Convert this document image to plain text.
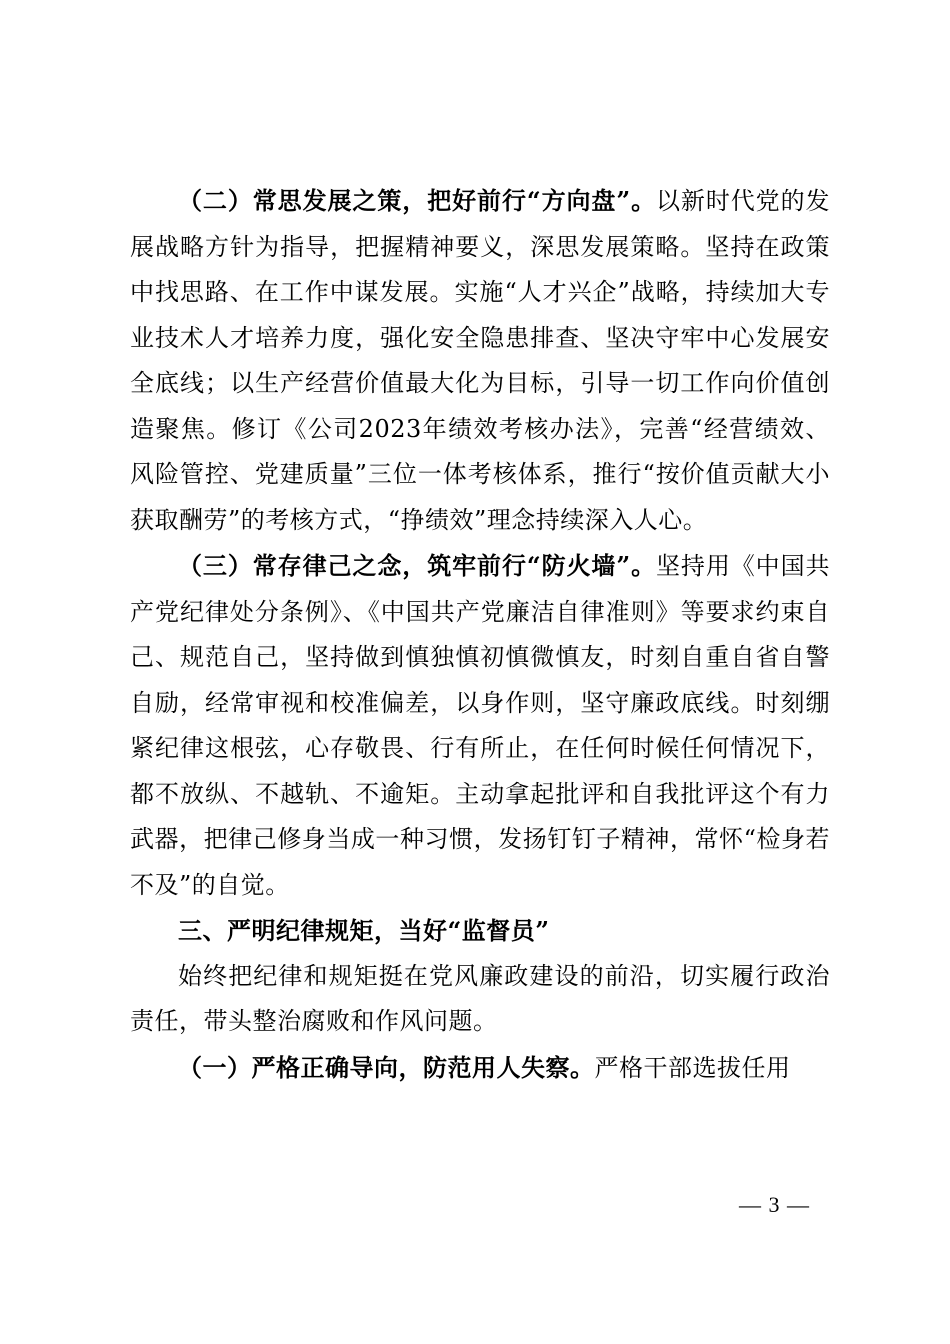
（二）常思发展之策，把好前行“方向盘”。以新时代党的发展战略方针为指导，把握精神要义，深思发展策略。坚持在政策中找思路、在工作中谋发展。实施“人才兴企”战略，持续加大专业技术人才培养力度，强化安全隐患排查、坚决守牢中心发展安全底线；以生产经营价值最大化为目标，引导一切工作向价值创造聚焦。修订《公司2023年绩效考核办法》，完善“经营绩效、风险管控、党建质量”三位一体考核体系，推行“按价值贡献大小获取酬劳”的考核方式，“挣绩效”理念持续深入人心。

（三）常存律己之念，筑牢前行“防火墙”。坚持用《中国共产党纪律处分条例》、《中国共产党廉洁自律准则》等要求约束自己、规范自己，坚持做到慎独慎初慎微慎友，时刻自重自省自警自励，经常审视和校准偏差，以身作则，坚守廉政底线。时刻绷紧纪律这根弦，心存敬畏、行有所止，在任何时候任何情况下，都不放纵、不越轨、不逾矩。主动拿起批评和自我批评这个有力武器，把律己修身当成一种习惯，发扬钉钉子精神，常怀“检身若不及”的自觉。

三、严明纪律规矩，当好“监督员”

始终把纪律和规矩挺在党风廉政建设的前沿，切实履行政治责任，带头整治腐败和作风问题。

（一）严格正确导向，防范用人失察。严格干部选拔任用

— 3 —
